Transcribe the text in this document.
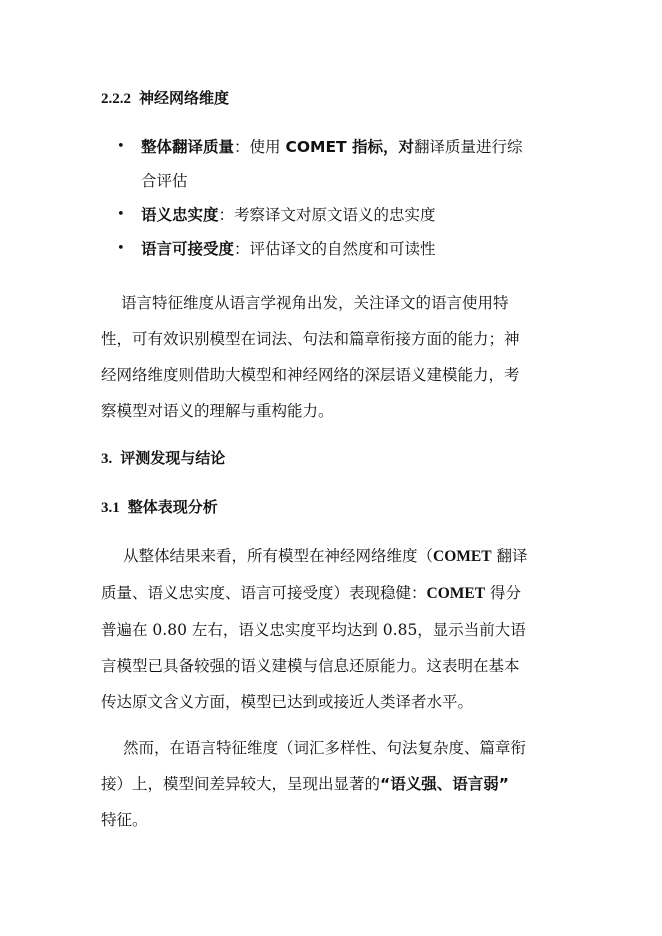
2.2.2 神经网络维度
• 整体翻译质量：使用 COMET 指标，对翻译质量进行综
合评估
• 语义忠实度：考察译文对原文语义的忠实度
• 语言可接受度：评估译文的自然度和可读性
语言特征维度从语言学视角出发，关注译文的语言使用特
性，可有效识别模型在词法、句法和篇章衔接方面的能力；神
经网络维度则借助大模型和神经网络的深层语义建模能力，考
察模型对语义的理解与重构能力。
3. 评测发现与结论
3.1 整体表现分析
从整体结果来看，所有模型在神经网络维度（COMET 翻译
质量、语义忠实度、语言可接受度）表现稳健：COMET 得分
普遍在 0.80 左右，语义忠实度平均达到 0.85，显示当前大语
言模型已具备较强的语义建模与信息还原能力。这表明在基本
传达原文含义方面，模型已达到或接近人类译者水平。
然而，在语言特征维度（词汇多样性、句法复杂度、篇章衔
接）上，模型间差异较大，呈现出显著的“语义强、语言弱”
特征。
